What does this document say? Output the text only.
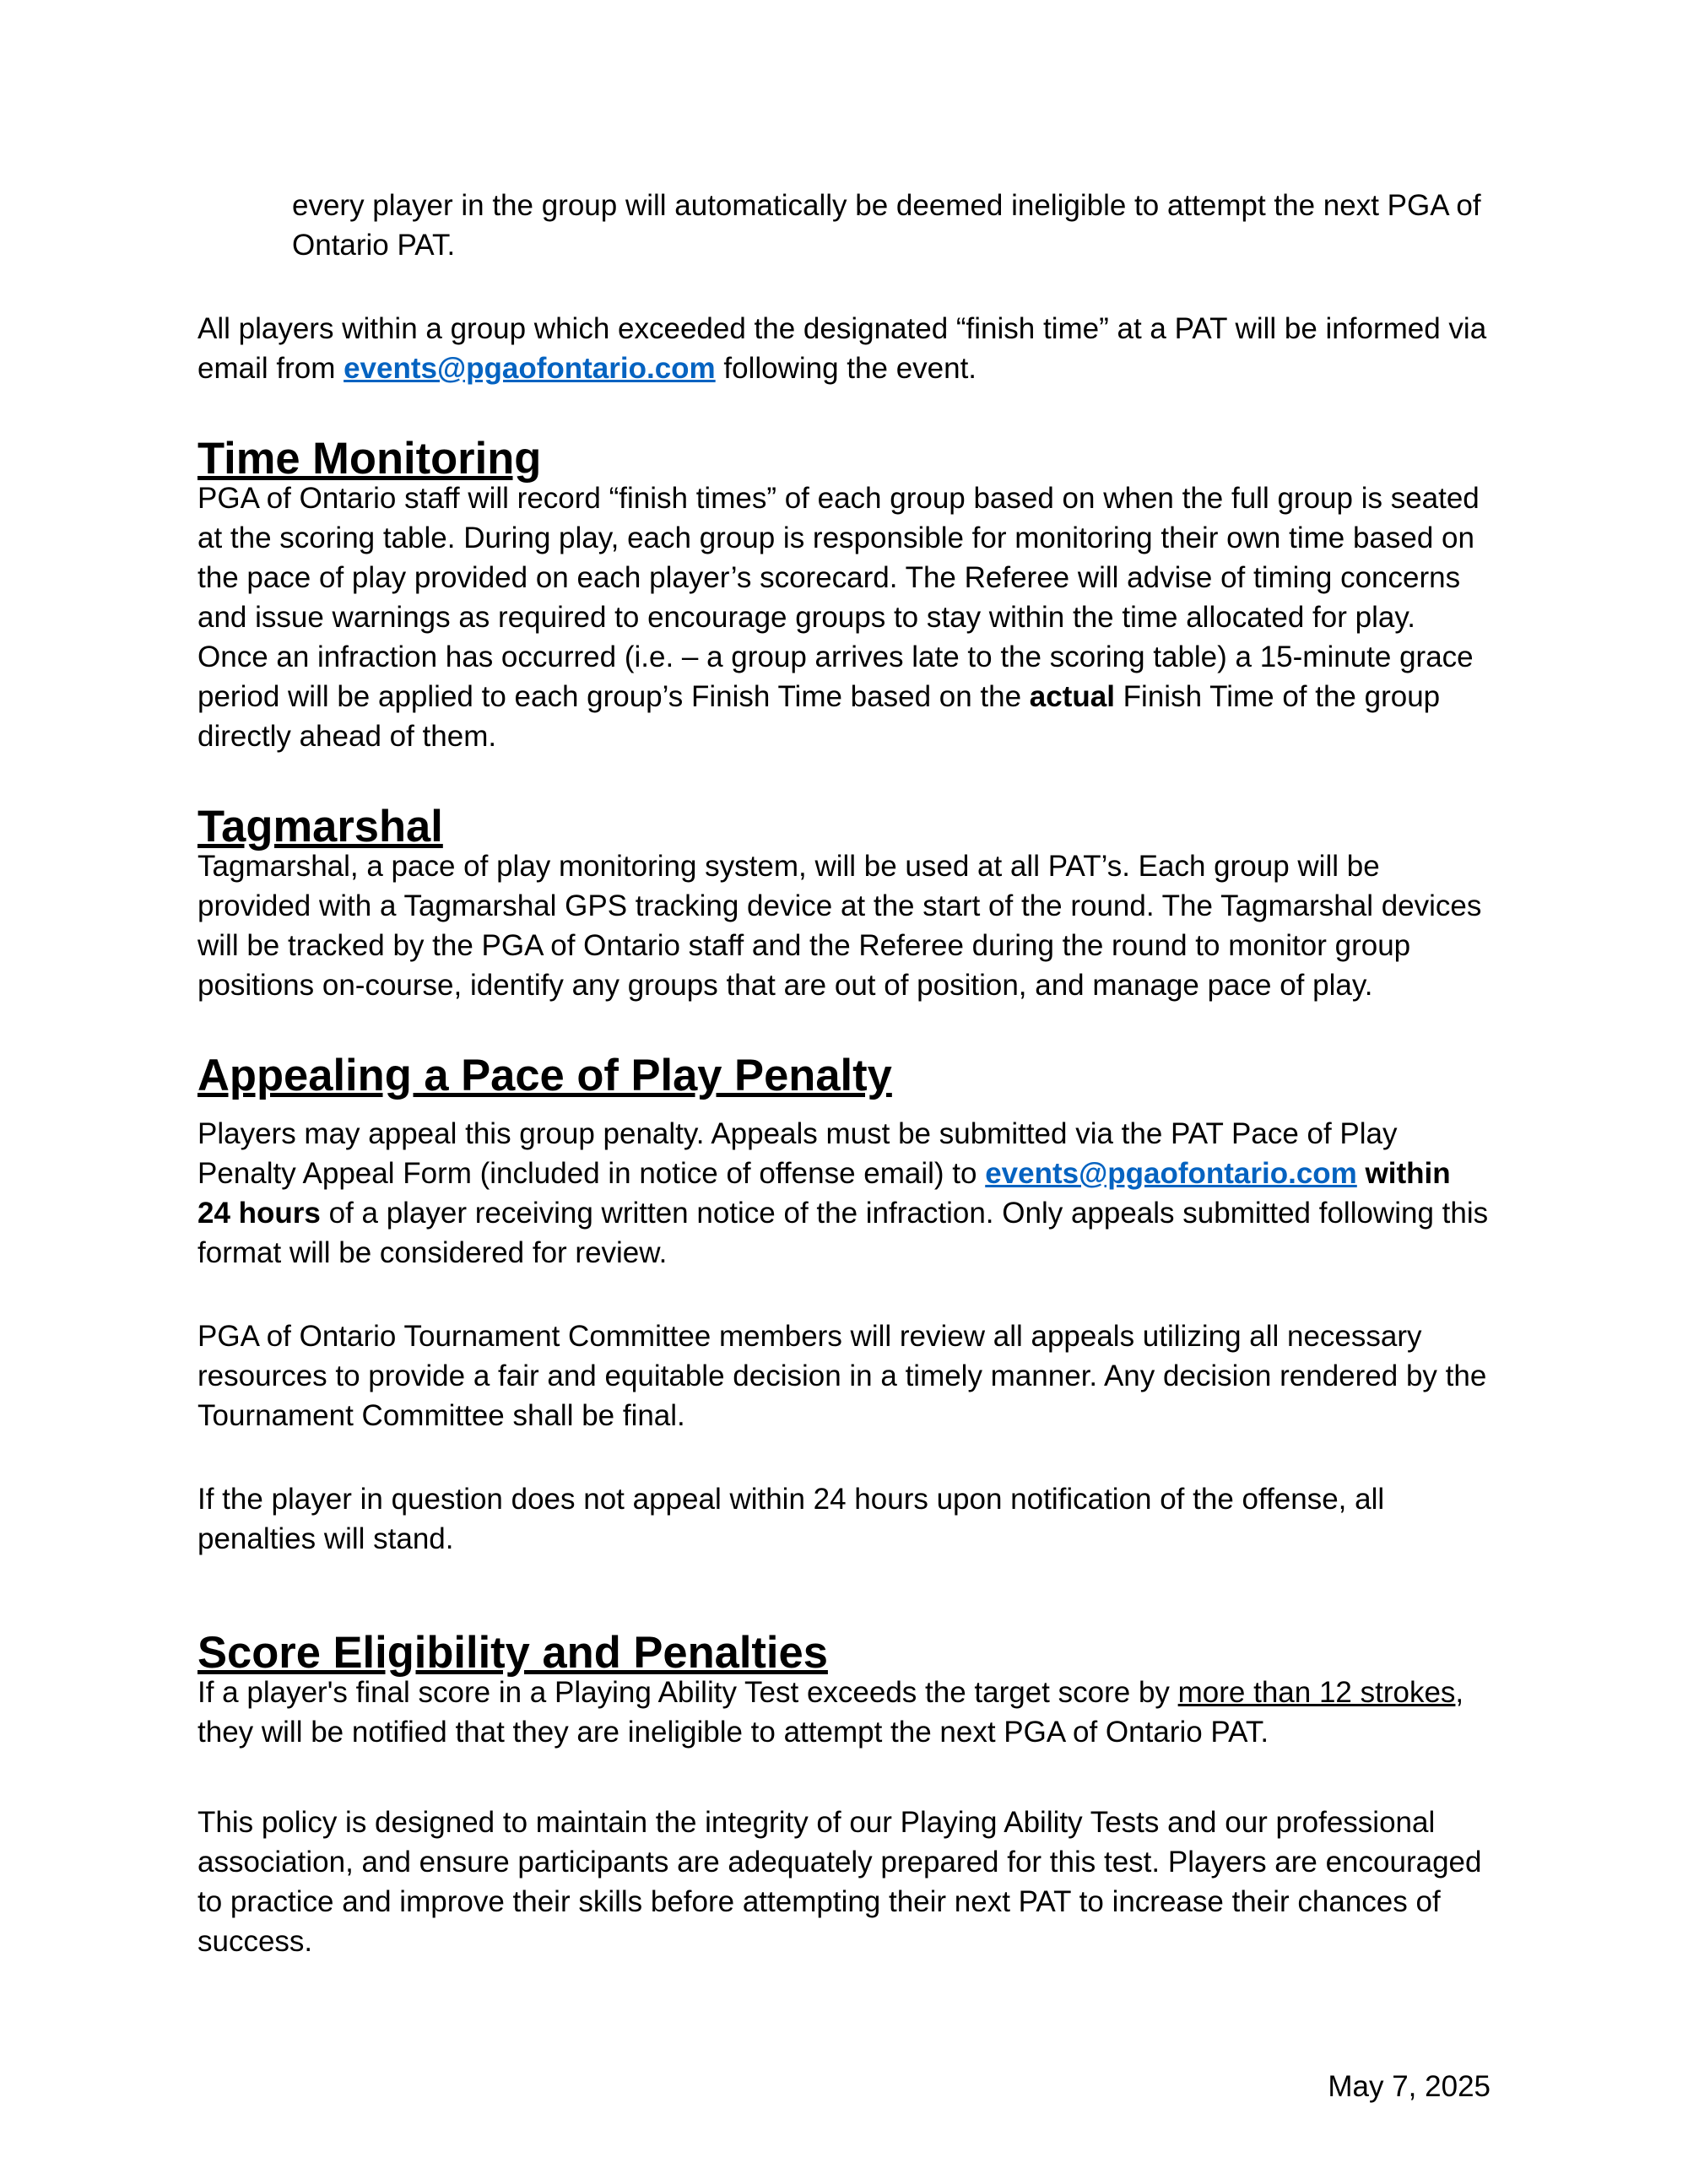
every player in the group will automatically be deemed ineligible to attempt the next PGA of Ontario PAT.

All players within a group which exceeded the designated “finish time” at a PAT will be informed via email from events@pgaofontario.com following the event.

Time Monitoring

PGA of Ontario staff will record “finish times” of each group based on when the full group is seated at the scoring table. During play, each group is responsible for monitoring their own time based on the pace of play provided on each player’s scorecard. The Referee will advise of timing concerns and issue warnings as required to encourage groups to stay within the time allocated for play. Once an infraction has occurred (i.e. – a group arrives late to the scoring table) a 15-minute grace period will be applied to each group’s Finish Time based on the actual Finish Time of the group directly ahead of them.

Tagmarshal

Tagmarshal, a pace of play monitoring system, will be used at all PAT’s. Each group will be provided with a Tagmarshal GPS tracking device at the start of the round. The Tagmarshal devices will be tracked by the PGA of Ontario staff and the Referee during the round to monitor group positions on-course, identify any groups that are out of position, and manage pace of play.

Appealing a Pace of Play Penalty

Players may appeal this group penalty. Appeals must be submitted via the PAT Pace of Play Penalty Appeal Form (included in notice of offense email) to events@pgaofontario.com within 24 hours of a player receiving written notice of the infraction. Only appeals submitted following this format will be considered for review.

PGA of Ontario Tournament Committee members will review all appeals utilizing all necessary resources to provide a fair and equitable decision in a timely manner. Any decision rendered by the Tournament Committee shall be final.

If the player in question does not appeal within 24 hours upon notification of the offense, all penalties will stand.

Score Eligibility and Penalties

If a player's final score in a Playing Ability Test exceeds the target score by more than 12 strokes, they will be notified that they are ineligible to attempt the next PGA of Ontario PAT.

This policy is designed to maintain the integrity of our Playing Ability Tests and our professional association, and ensure participants are adequately prepared for this test. Players are encouraged to practice and improve their skills before attempting their next PAT to increase their chances of success.

May 7, 2025
